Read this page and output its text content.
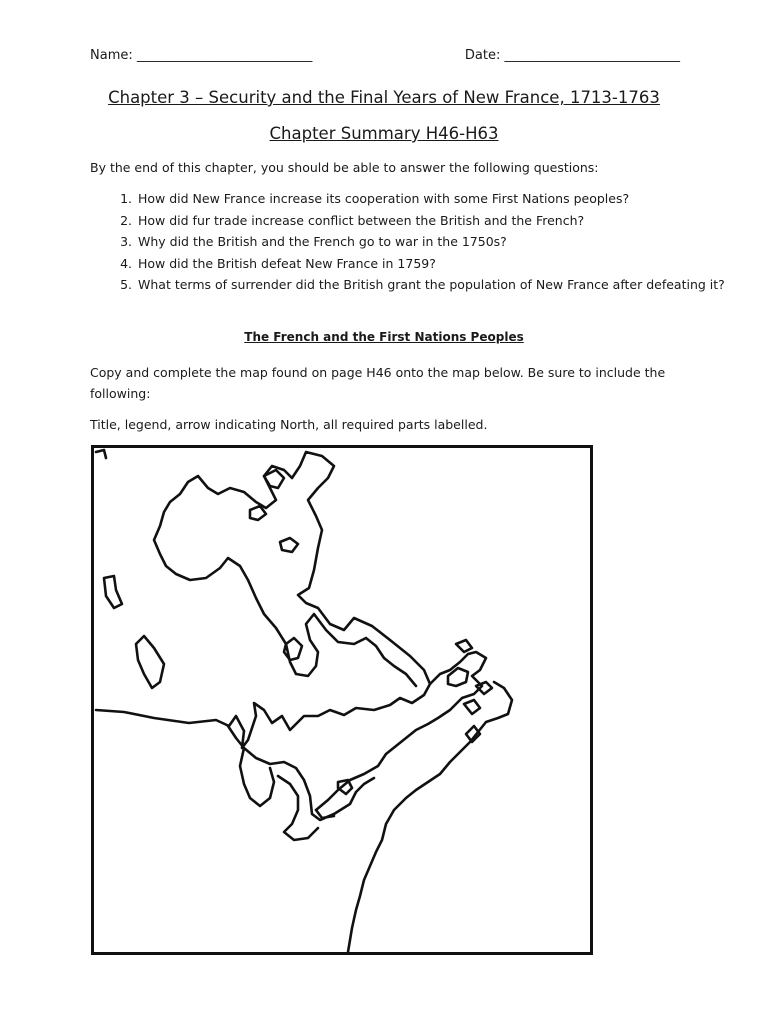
Name: ___________________________	Date: ___________________________
Chapter 3 – Security and the Final Years of New France, 1713-1763
Chapter Summary H46-H63
By the end of this chapter, you should be able to answer the following questions:
1. How did New France increase its cooperation with some First Nations peoples?
2. How did fur trade increase conflict between the British and the French?
3. Why did the British and the French go to war in the 1750s?
4. How did the British defeat New France in 1759?
5. What terms of surrender did the British grant the population of New France after defeating it?
The French and the First Nations Peoples
Copy and complete the map found on page H46 onto the map below. Be sure to include the following:
Title, legend, arrow indicating North, all required parts labelled.
